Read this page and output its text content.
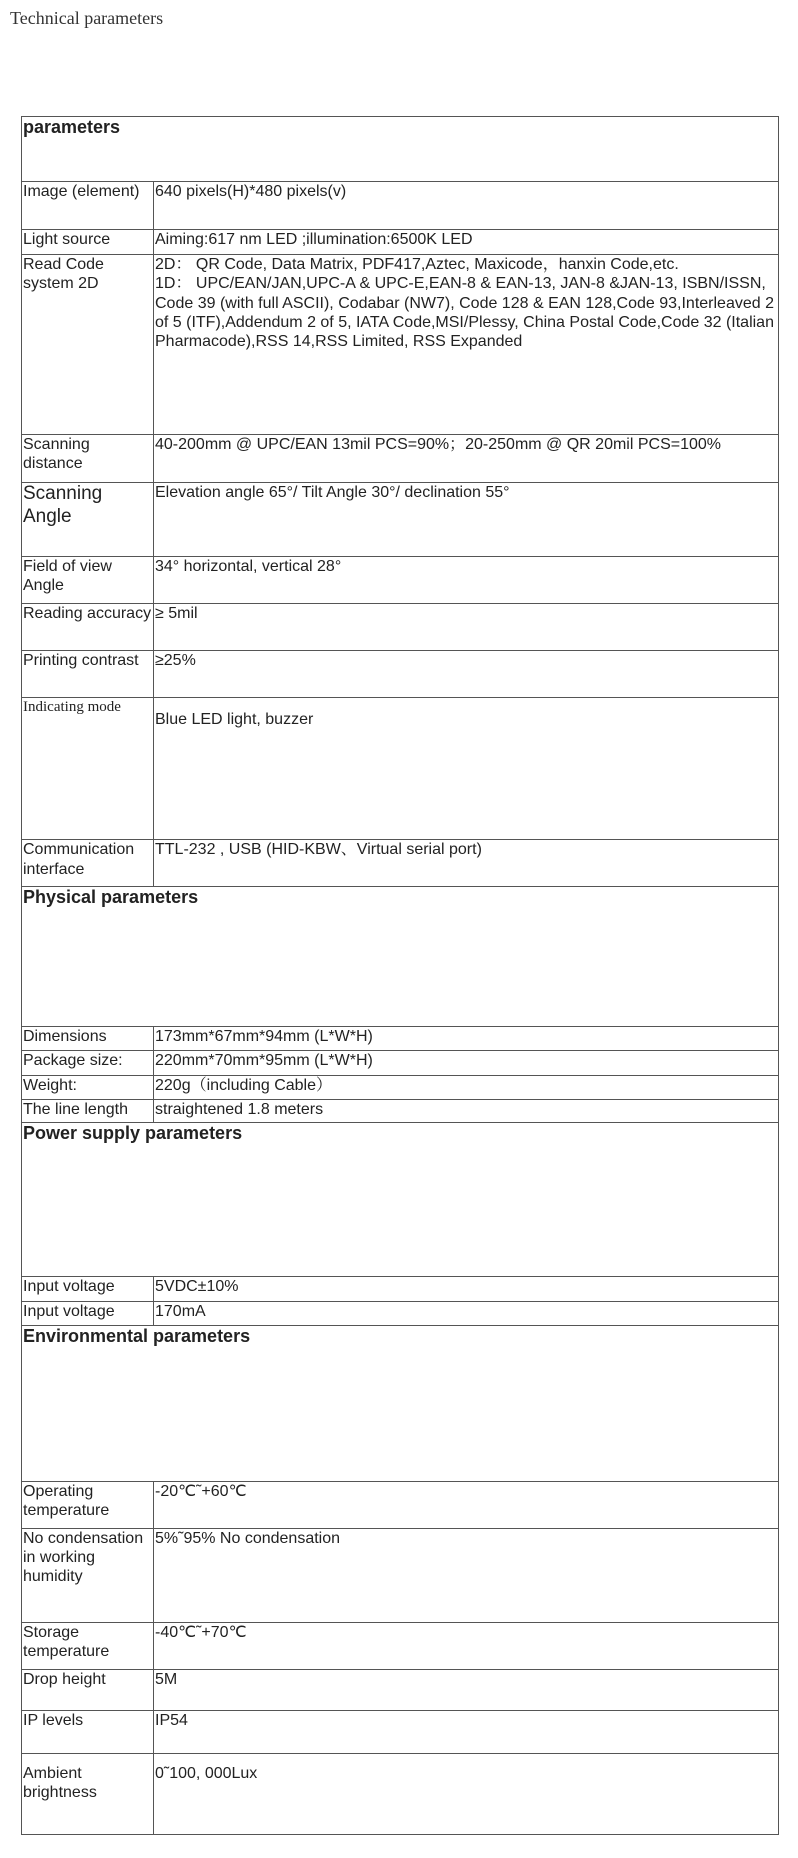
Technical parameters
parameters	
Image (element)	640 pixels(H)*480 pixels(v)
Light source	Aiming:617 nm LED ;illumination:6500K LED
Read Code system 2D	2D： QR Code, Data Matrix, PDF417,Aztec, Maxicode，hanxin Code,etc.
1D： UPC/EAN/JAN,UPC-A & UPC-E,EAN-8 & EAN-13, JAN-8 &JAN-13, ISBN/ISSN, Code 39 (with full ASCII), Codabar (NW7), Code 128 & EAN 128,Code 93,Interleaved 2 of 5 (ITF),Addendum 2 of 5, IATA Code,MSI/Plessy, China Postal Code,Code 32 (Italian Pharmacode),RSS 14,RSS Limited, RSS Expanded

Scanning distance	40-200mm @ UPC/EAN 13mil PCS=90%；20-250mm @ QR 20mil PCS=100%
Scanning Angle	Elevation angle 65°/ Tilt Angle 30°/ declination 55°
Field of view Angle	34° horizontal, vertical 28°
Reading accuracy	≥ 5mil
Printing contrast	≥25%
Indicating mode	Blue LED light, buzzer
Communication interface	TTL-232 , USB (HID-KBW、Virtual serial port)
Physical parameters	
Dimensions	173mm*67mm*94mm (L*W*H)
Package size:	220mm*70mm*95mm (L*W*H)
Weight:	220g（including Cable）
The line length	straightened 1.8 meters
Power supply parameters	
Input voltage	5VDC±10%
Input voltage	170mA
Environmental parameters	
Operating temperature	-20℃˜+60℃
No condensation in working humidity	5%˜95% No condensation
Storage temperature	-40℃˜+70℃
Drop height	5M
IP levels	IP54
Ambient brightness	0˜100, 000Lux
